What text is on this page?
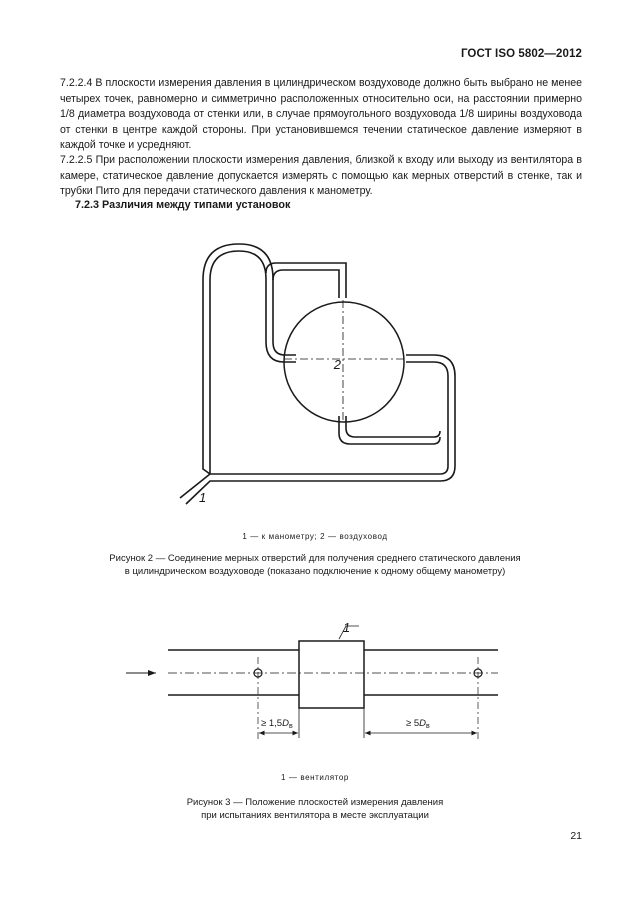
ГОСТ ISO 5802—2012
7.2.2.4 В плоскости измерения давления в цилиндрическом воздуховоде должно быть выбрано не менее четырех точек, равномерно и симметрично расположенных относительно оси, на расстоянии примерно 1/8 диаметра воздуховода от стенки или, в случае прямоугольного воздуховода 1/8 ширины воздуховода от стенки в центре каждой стороны. При установившемся течении статическое давление измеряют в каждой точке и усредняют.
7.2.2.5 При расположении плоскости измерения давления, близкой к входу или выходу из вентилятора в камере, статическое давление допускается измерять с помощью как мерных отверстий в стенке, так и трубки Пито для передачи статического давления к манометру.
7.2.3 Различия между типами установок
2
1
1 — к манометру; 2 — воздуховод
Рисунок 2 — Соединение мерных отверстий для получения среднего статического давления
в цилиндрическом воздуховоде (показано подключение к одному общему манометру)
1
≥ $1,5D_в$	≥ $5D_в$
1 — вентилятор
Рисунок 3 — Положение плоскостей измерения давления
при испытаниях вентилятора в месте эксплуатации
21
